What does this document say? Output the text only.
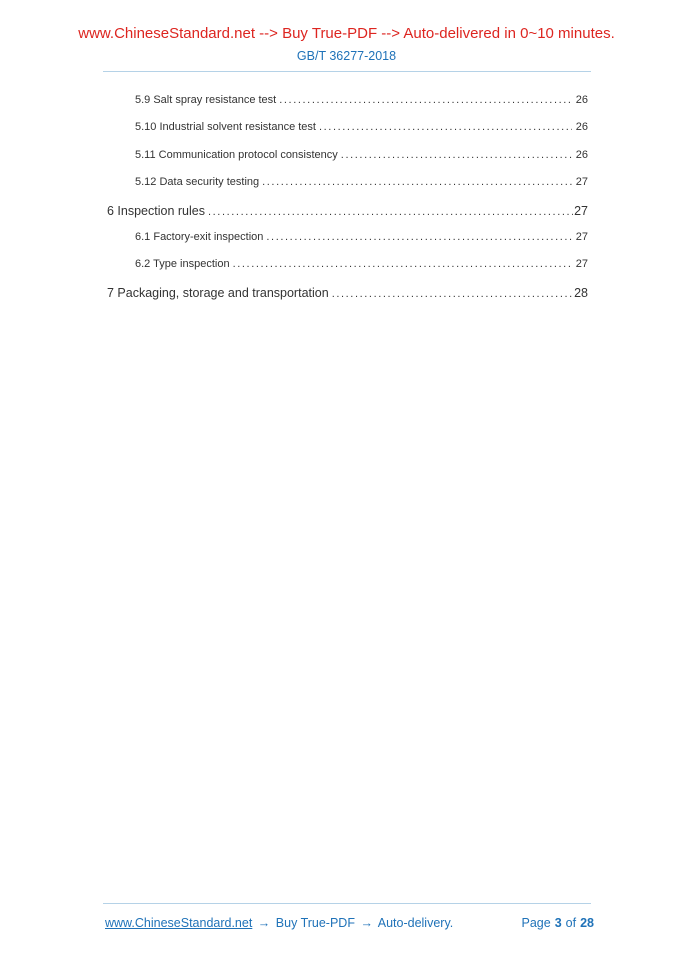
www.ChineseStandard.net --> Buy True-PDF --> Auto-delivered in 0~10 minutes.
GB/T 36277-2018
5.9 Salt spray resistance test .....	26
5.10 Industrial solvent resistance test .....	26
5.11 Communication protocol consistency .....	26
5.12 Data security testing .....	27
6 Inspection rules .....	27
6.1 Factory-exit inspection .....	27
6.2 Type inspection .....	27
7 Packaging, storage and transportation .....	28
www.ChineseStandard.net → Buy True-PDF → Auto-delivery.	Page 3 of 28
